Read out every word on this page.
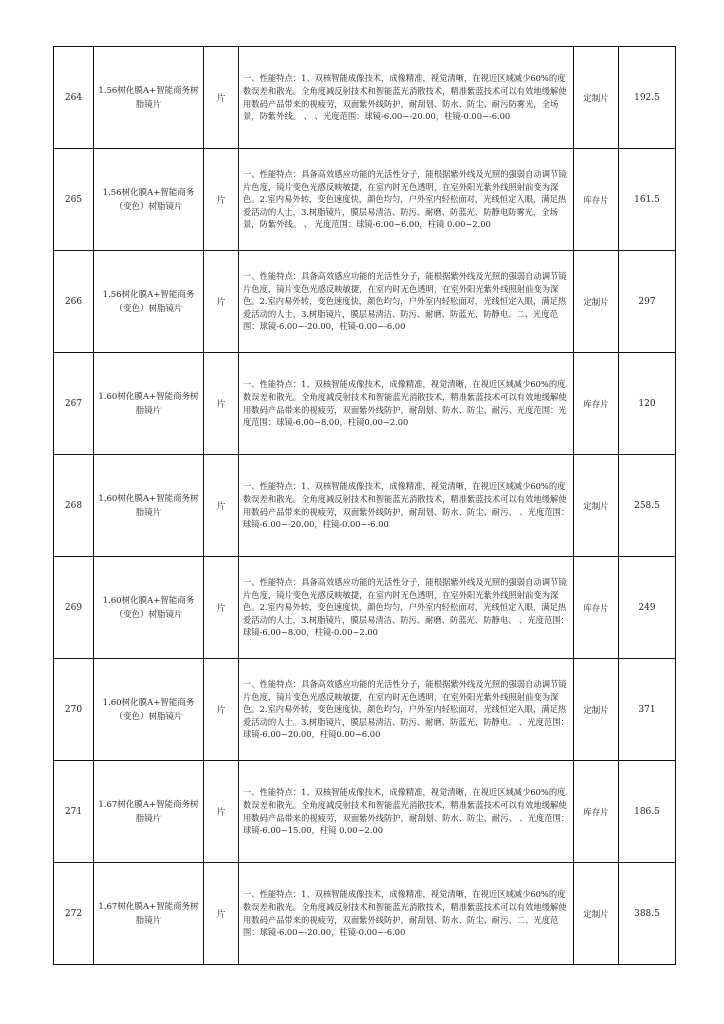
264	1.56树化膜A+智能商务树脂镜片	片	一、性能特点：1、双核智能成像技术，成像精准，视觉清晰，在视近区域减少60%的度数误差和散光。全角度减反射技术和智能蓝光消散技术，精准紫蓝技术可以有效地缓解使用数码产品带来的视疲劳，双面紫外线防护，耐刮划、防水、防尘、耐污防雾光，全场景，防紫外线。 、 、光度范围：球镜-6.00~-20.00，柱镜-0.00~-6.00	定制片	192.5
265	1.56树化膜A+智能商务（变色）树脂镜片	片	一、性能特点：具备高效感应功能的光活性分子，能根据紫外线及光照的强弱自动调节镜片色度，镜片变色光感反映敏捷，在室内时无色透明，在室外阳光紫外线照射前变为深色。2.室内易外转，变色速度快，颜色均匀，户外室内轻松面对，光线恒定入眼，满足热爱活动的人士，3.树脂镜片，膜层易清洁、防污、耐磨、防蓝光、防静电防雾光，全场景，防紫外线。 、 光度范围：球镜-6.00~6.00，柱镜 0.00~2.00	库存片	161.5
266	1.56树化膜A+智能商务（变色）树脂镜片	片	一、性能特点：具备高效感应功能的光活性分子，能根据紫外线及光照的强弱自动调节镜片色度，镜片变色光感反映敏捷，在室内时无色透明，在室外阳光紫外线照射前变为深色。2.室内易外转，变色速度快，颜色均匀，户外室内轻松面对，光线恒定入眼，满足热爱活动的人士，3.树脂镜片，膜层易清洁、防污、耐磨、防蓝光、防静电、二、光度范围：球镜-6.00~-20.00，柱镜-0.00~-6.00	定制片	297
267	1.60树化膜A+智能商务树脂镜片	片	一、性能特点：1、双核智能成像技术，成像精准，视觉清晰，在视近区域减少60%的度数误差和散光。全角度减反射技术和智能蓝光消散技术，精准紫蓝技术可以有效地缓解使用数码产品带来的视疲劳，双面紫外线防护，耐刮划、防水、防尘、耐污、光度范围：光度范围：球镜-6.00~8.00，柱镜0.00~2.00	库存片	120
268	1.60树化膜A+智能商务树脂镜片	片	一、性能特点：1、双核智能成像技术，成像精准，视觉清晰，在视近区域减少60%的度数误差和散光。全角度减反射技术和智能蓝光消散技术，精准紫蓝技术可以有效地缓解使用数码产品带来的视疲劳，双面紫外线防护，耐刮划、防水、防尘、耐污、 、光度范围：球镜-6.00~-20.00，柱镜-0.00~-6.00	定制片	258.5
269	1.60树化膜A+智能商务（变色）树脂镜片	片	一、性能特点：具备高效感应功能的光活性分子，能根据紫外线及光照的强弱自动调节镜片色度，镜片变色光感反映敏捷，在室内时无色透明，在室外阳光紫外线照射前变为深色。2.室内易外转，变色速度快，颜色均匀，户外室内轻松面对，光线恒定入眼，满足热爱活动的人士，3.树脂镜片，膜层易清洁、防污、耐磨、防蓝光、防静电、 、光度范围：球镜-6.00~8.00，柱镜-0.00~2.00	库存片	249
270	1.60树化膜A+智能商务（变色）树脂镜片	片	一、性能特点：具备高效感应功能的光活性分子，能根据紫外线及光照的强弱自动调节镜片色度，镜片变色光感反映敏捷，在室内时无色透明，在室外阳光紫外线照射前变为深色。2.室内易外转，变色速度快，颜色均匀，户外室内轻松面对，光线恒定入眼，满足热爱活动的人士。3.树脂镜片，膜层易清洁、防污、耐磨、防蓝光、防静电、 、光度范围：球镜-6.00~20.00，柱镜0.00~6.00	定制片	371
271	1.67树化膜A+智能商务树脂镜片	片	一、性能特点：1、双核智能成像技术，成像精准，视觉清晰，在视近区域减少60%的度数误差和散光。全角度减反射技术和智能蓝光消散技术，精准紫蓝技术可以有效地缓解使用数码产品带来的视疲劳，双面紫外线防护，耐刮划、防水、防尘、耐污、 、光度范围：球镜-6.00~15.00，柱镜 0.00~2.00	库存片	186.5
272	1.67树化膜A+智能商务树脂镜片	片	一、性能特点：1、双核智能成像技术，成像精准，视觉清晰，在视近区域减少60%的度数误差和散光。全角度减反射技术和智能蓝光消散技术，精准紫蓝技术可以有效地缓解使用数码产品带来的视疲劳，双面紫外线防护，耐刮划、防水、防尘、耐污、二、光度范围：球镜-6.00~-20.00，柱镜-0.00~-6.00	定制片	388.5
